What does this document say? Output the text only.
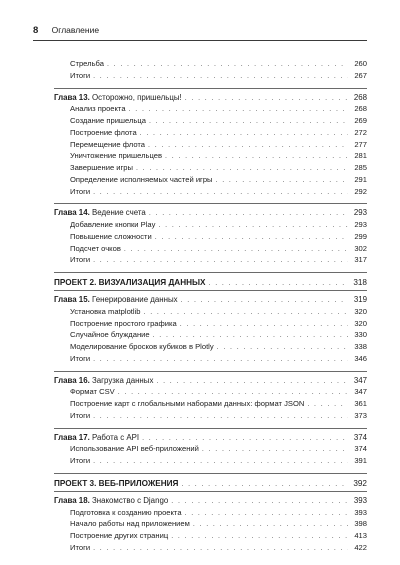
8 Оглавление
Стрельба . . .	260
Итоги . . .	267
Глава 13. Осторожно, пришельцы! . . .	268
Анализ проекта . . .	268
Создание пришельца . . .	269
Построение флота . . .	272
Перемещение флота . . .	277
Уничтожение пришельцев . . .	281
Завершение игры . . .	285
Определение исполняемых частей игры . . .	291
Итоги . . .	292
Глава 14. Ведение счета . . .	293
Добавление кнопки Play . . .	293
Повышение сложности . . .	299
Подсчет очков . . .	302
Итоги . . .	317
ПРОЕКТ 2. ВИЗУАЛИЗАЦИЯ ДАННЫХ . . .	318
Глава 15. Генерирование данных . . .	319
Установка matplotlib . . .	320
Построение простого графика . . .	320
Случайное блуждание . . .	330
Моделирование бросков кубиков в Plotly . . .	338
Итоги . . .	346
Глава 16. Загрузка данных . . .	347
Формат CSV . . .	347
Построение карт с глобальными наборами данных: формат JSON . . .	361
Итоги . . .	373
Глава 17. Работа с API . . .	374
Использование API веб-приложений . . .	374
Итоги . . .	391
ПРОЕКТ 3. ВЕБ-ПРИЛОЖЕНИЯ . . .	392
Глава 18. Знакомство с Django . . .	393
Подготовка к созданию проекта . . .	393
Начало работы над приложением . . .	398
Построение других страниц . . .	413
Итоги . . .	422
